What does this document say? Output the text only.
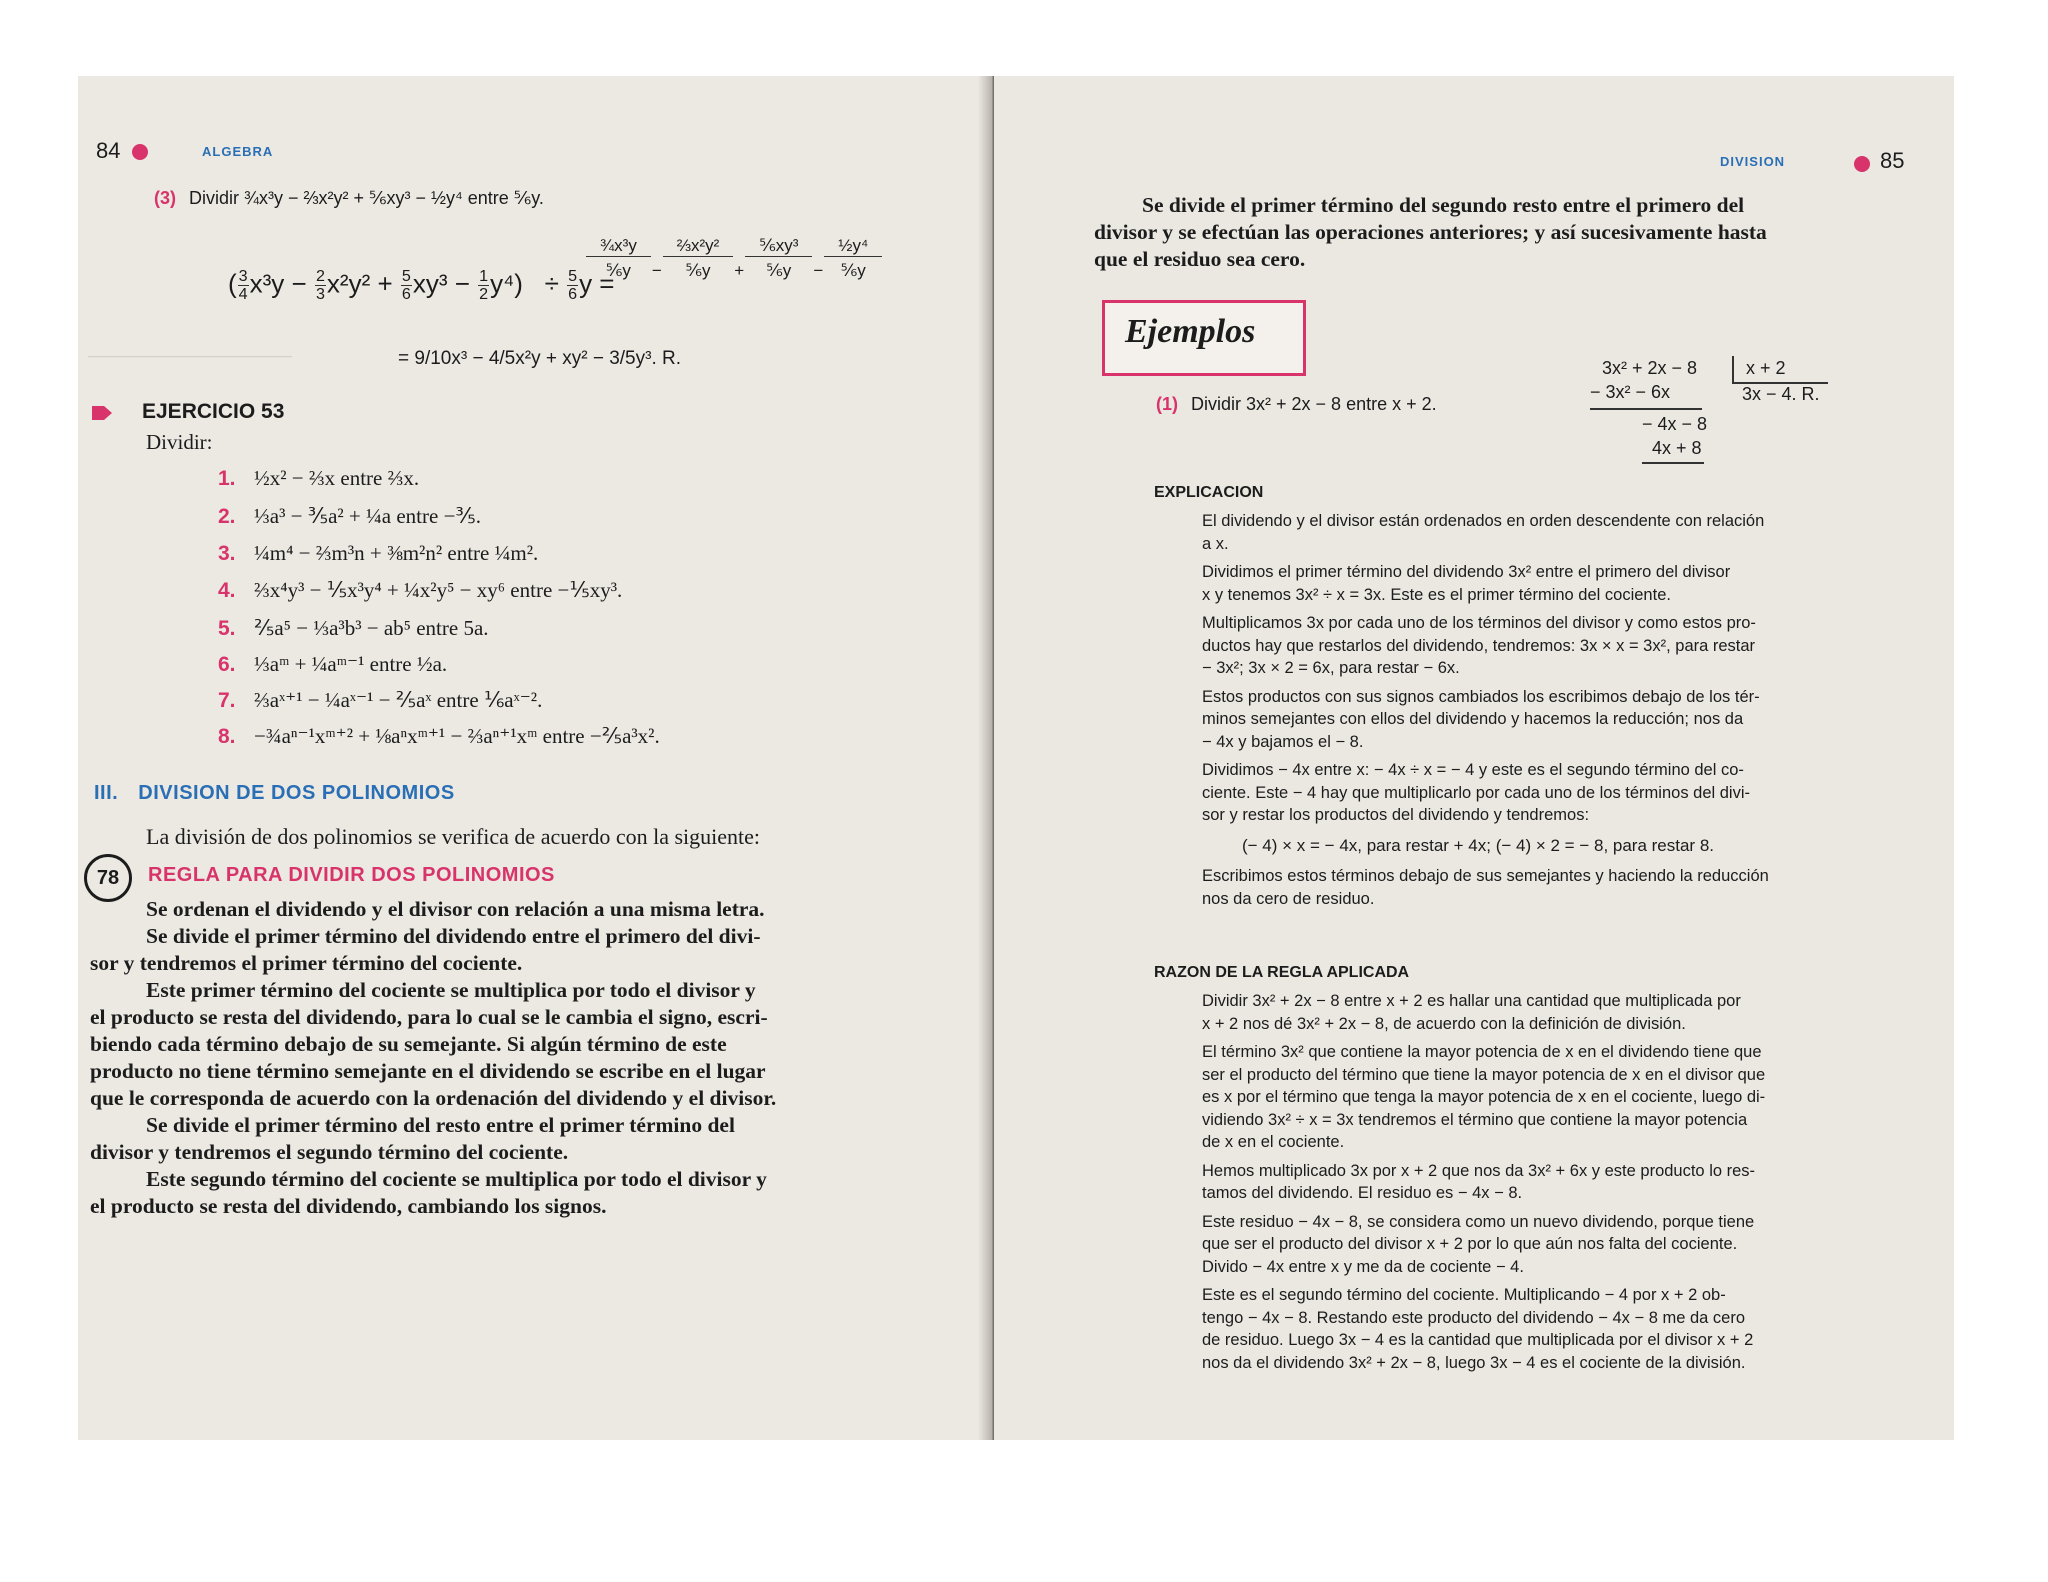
84	ALGEBRA
(3) Dividir ¾x³y − ⅔x²y² + ⅚xy³ − ½y⁴ entre ⅚y.
( $\frac{3}{4} x^3y - \frac{2}{3} x^2y^2 + \frac{5}{6} xy^3 - \frac{1}{2} y^4) \div \frac{5}{6}$ y =
¾x³y		⅔x²y²		⅚xy³		½y⁴
⅚y	−	⅚y	+	⅚y	−	⅚y
= 9/10x³ − 4/5x²y + xy² − 3/5y³. R.
────────────────
EJERCICIO 53
Dividir:
1. ½x² − ⅔x entre ⅔x.
2. ⅓a³ − ⅗a² + ¼a entre −⅗.
3. ¼m⁴ − ⅔m³n + ⅜m²n² entre ¼m².
4. ⅔x⁴y³ − ⅕x³y⁴ + ¼x²y⁵ − xy⁶ entre −⅕xy³.
5. ⅖a⁵ − ⅓a³b³ − ab⁵ entre 5a.
6. ⅓aᵐ + ¼aᵐ⁻¹ entre ½a.
7. ⅔aˣ⁺¹ − ¼aˣ⁻¹ − ⅖aˣ entre ⅙aˣ⁻².
8. −¾aⁿ⁻¹xᵐ⁺² + ⅛aⁿxᵐ⁺¹ − ⅔aⁿ⁺¹xᵐ entre −⅖a³x².
III. DIVISION DE DOS POLINOMIOS
La división de dos polinomios se verifica de acuerdo con la siguiente:
78	REGLA PARA DIVIDIR DOS POLINOMIOS
Se ordenan el dividendo y el divisor con relación a una misma letra.
Se divide el primer término del dividendo entre el primero del divi-
sor y tendremos el primer término del cociente.
Este primer término del cociente se multiplica por todo el divisor y
el producto se resta del dividendo, para lo cual se le cambia el signo, escri-
biendo cada término debajo de su semejante. Si algún término de este
producto no tiene término semejante en el dividendo se escribe en el lugar
que le corresponda de acuerdo con la ordenación del dividendo y el divisor.
Se divide el primer término del resto entre el primer término del
divisor y tendremos el segundo término del cociente.
Este segundo término del cociente se multiplica por todo el divisor y
el producto se resta del dividendo, cambiando los signos.
DIVISION	85
Se divide el primer término del segundo resto entre el primero del
divisor y se efectúan las operaciones anteriores; y así sucesivamente hasta
que el residuo sea cero.
Ejemplos
(1) Dividir 3x² + 2x − 8 entre x + 2.
3x² + 2x − 8	x + 2
− 3x² − 6x	3x − 4. R.
− 4x − 8
4x + 8
EXPLICACION
El dividendo y el divisor están ordenados en orden descendente con relación
a x.
Dividimos el primer término del dividendo 3x² entre el primero del divisor
x y tenemos 3x² ÷ x = 3x. Este es el primer término del cociente.
Multiplicamos 3x por cada uno de los términos del divisor y como estos pro-
ductos hay que restarlos del dividendo, tendremos: 3x × x = 3x², para restar
− 3x²; 3x × 2 = 6x, para restar − 6x.
Estos productos con sus signos cambiados los escribimos debajo de los tér-
minos semejantes con ellos del dividendo y hacemos la reducción; nos da
− 4x y bajamos el − 8.
Dividimos − 4x entre x: − 4x ÷ x = − 4 y este es el segundo término del co-
ciente. Este − 4 hay que multiplicarlo por cada uno de los términos del divi-
sor y restar los productos del dividendo y tendremos:
(− 4) × x = − 4x, para restar + 4x; (− 4) × 2 = − 8, para restar 8.
Escribimos estos términos debajo de sus semejantes y haciendo la reducción
nos da cero de residuo.
RAZON DE LA REGLA APLICADA
Dividir 3x² + 2x − 8 entre x + 2 es hallar una cantidad que multiplicada por
x + 2 nos dé 3x² + 2x − 8, de acuerdo con la definición de división.
El término 3x² que contiene la mayor potencia de x en el dividendo tiene que
ser el producto del término que tiene la mayor potencia de x en el divisor que
es x por el término que tenga la mayor potencia de x en el cociente, luego di-
vidiendo 3x² ÷ x = 3x tendremos el término que contiene la mayor potencia
de x en el cociente.
Hemos multiplicado 3x por x + 2 que nos da 3x² + 6x y este producto lo res-
tamos del dividendo. El residuo es − 4x − 8.
Este residuo − 4x − 8, se considera como un nuevo dividendo, porque tiene
que ser el producto del divisor x + 2 por lo que aún nos falta del cociente.
Divido − 4x entre x y me da de cociente − 4.
Este es el segundo término del cociente. Multiplicando − 4 por x + 2 ob-
tengo − 4x − 8. Restando este producto del dividendo − 4x − 8 me da cero
de residuo. Luego 3x − 4 es la cantidad que multiplicada por el divisor x + 2
nos da el dividendo 3x² + 2x − 8, luego 3x − 4 es el cociente de la división.
